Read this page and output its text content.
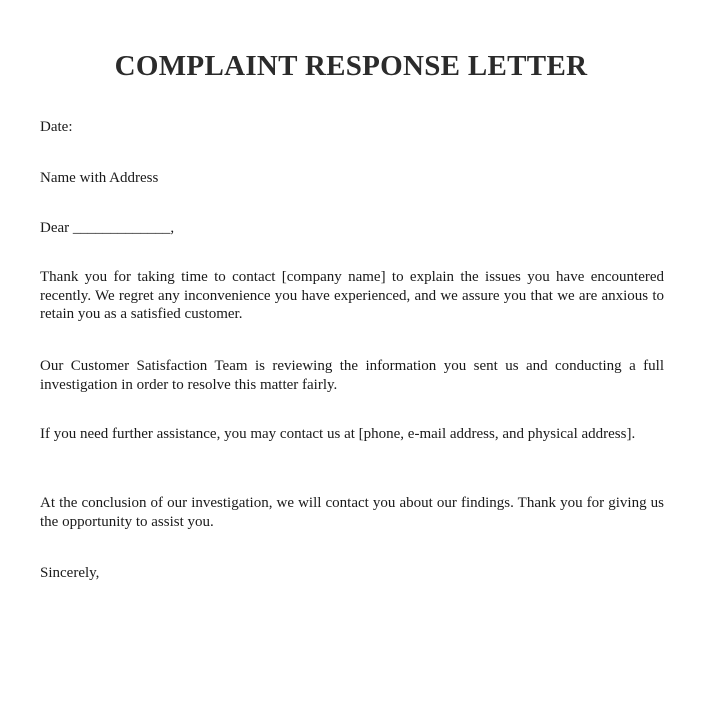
COMPLAINT RESPONSE LETTER

Date:

Name with Address

Dear _____________,

Thank you for taking time to contact [company name] to explain the issues you have encountered recently. We regret any inconvenience you have experienced, and we assure you that we are anxious to retain you as a satisfied customer.

Our Customer Satisfaction Team is reviewing the information you sent us and conducting a full investigation in order to resolve this matter fairly.

If you need further assistance, you may contact us at [phone, e-mail address, and physical address].

At the conclusion of our investigation, we will contact you about our findings. Thank you for giving us the opportunity to assist you.

Sincerely,
